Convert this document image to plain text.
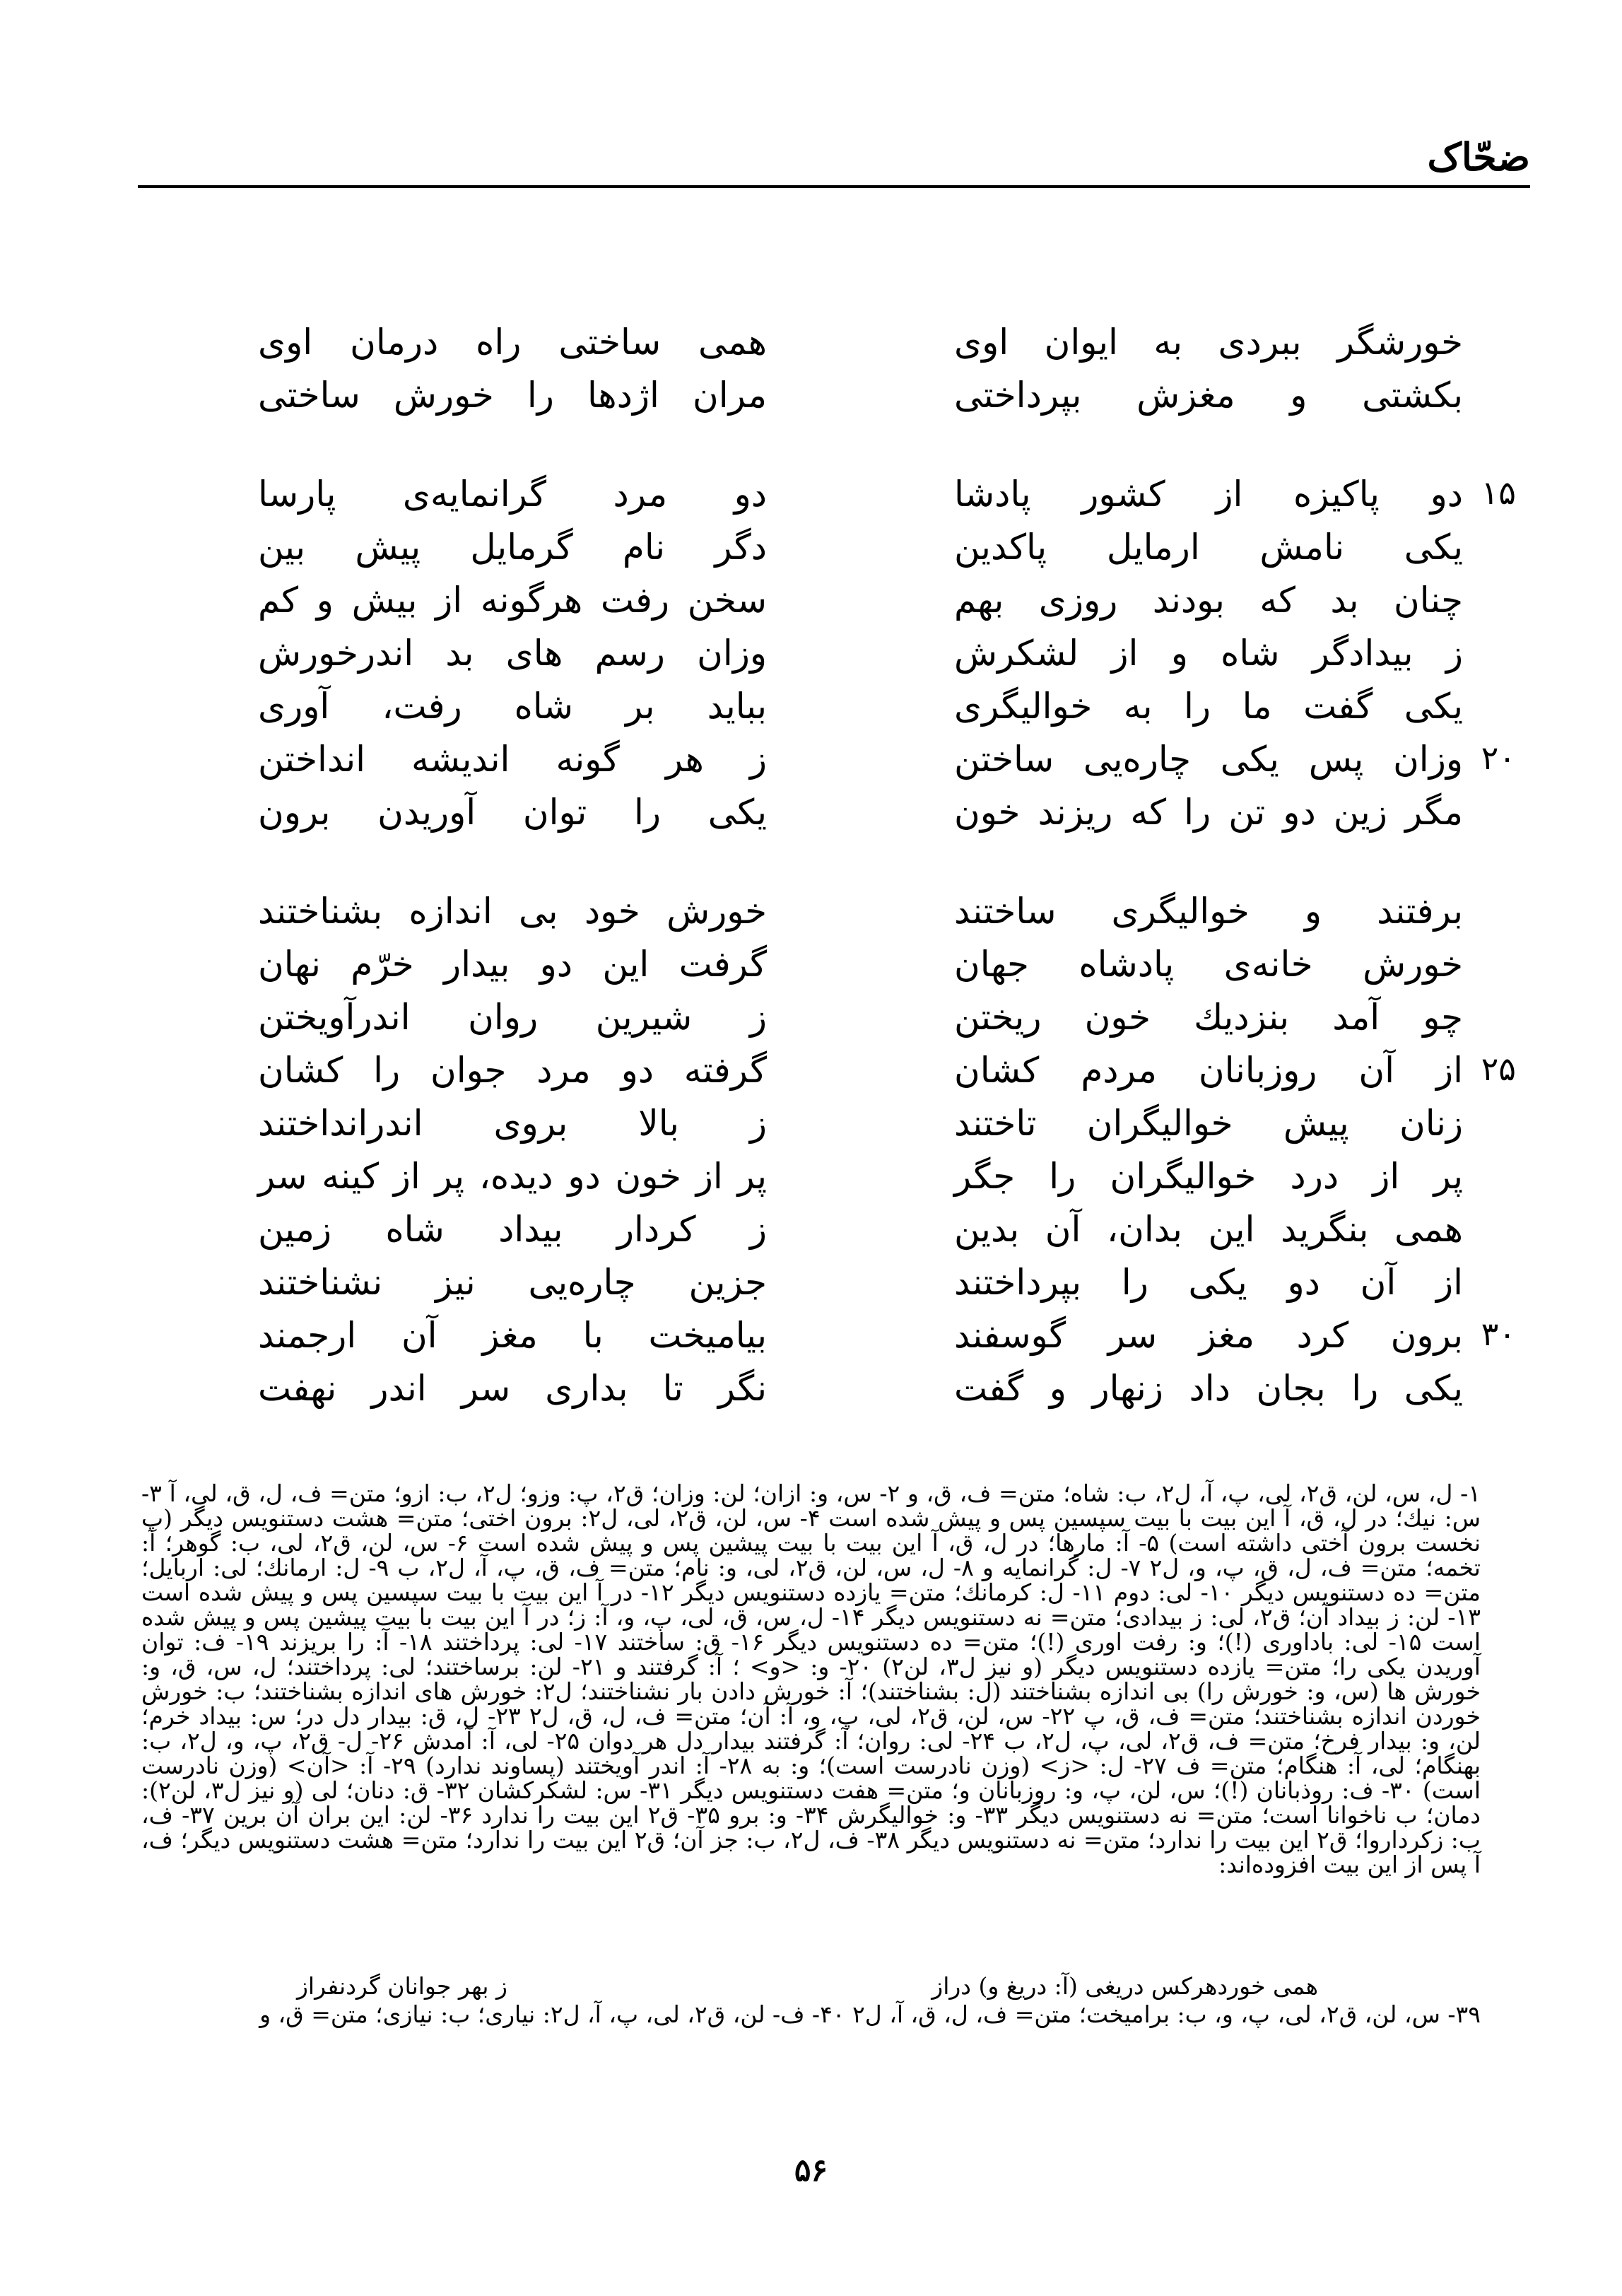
ضحّاک
خورشگر ببردی به ایوان اوی
همی ساختی راه درمان اوی
بکشتی و مغزش بپرداختی
مران اژدها را خورش ساختی
دو پاکیزه از کشور پادشا
دو مرد گرانمایه‌ی پارسا	۱۵
یکی نامش ارمایل پاکدین
دگر نام گرمایل پیش بین
چنان بد که بودند روزی بهم
سخن رفت هرگونه از بیش و کم
ز بیدادگر شاه و از لشکرش
وزان رسم های بد اندرخورش
یکی گفت ما را به خوالیگری
بباید بر شاه رفت، آوری
وزان پس یکی چاره‌یی ساختن
ز هر گونه اندیشه انداختن	۲۰
مگر زین دو تن را که ریزند خون
یکی را توان آوریدن برون
برفتند و خوالیگری ساختند
خورش خود بی اندازه بشناختند
خورش خانه‌ی پادشاه جهان
گرفت این دو بیدار خرّم نهان
چو آمد بنزدیك خون ریختن
ز شیرین روان اندرآویختن
از آن روزبانان مردم کشان
گرفته دو مرد جوان را کشان	۲۵
زنان پیش خوالیگران تاختند
ز بالا بروی اندرانداختند
پر از درد خوالیگران را جگر
پر از خون دو دیده، پر از کینه سر
همی بنگرید این بدان، آن بدین
ز کردار بیداد شاه زمین
از آن دو یکی را بپرداختند
جزین چاره‌یی نیز نشناختند
برون کرد مغز سر گوسفند
بیامیخت با مغز آن ارجمند	۳۰
یکی را بجان داد زنهار و گفت
نگر تا بداری سر اندر نهفت
۱- ل، س، لن، ق۲، لی، پ، آ، ل۲، ب: شاه؛ متن= ف، ق، و ۲- س، و: ازان؛ لن: وزان؛ ق۲، پ: وزو؛ ل۲، ب: ازو؛ متن= ف، ل، ق، لی، آ ۳- س: نیك؛ در ل، ق، آ این بیت با بیت سپسین پس و پیش شده است ۴- س، لن، ق۲، لی، ل۲: برون اختی؛ متن= هشت دستنویس دیگر (پ نخست برون آختی داشته است) ۵- آ: مارها؛ در ل، ق، آ این بیت با بیت پیشین پس و پیش شده است ۶- س، لن، ق۲، لی، ب: گوهر؛ آ: تخمه؛ متن= ف، ل، ق، پ، و، ل۲ ۷- ل: گرانمایه و ۸- ل، س، لن، ق۲، لی، و: نام؛ متن= ف، ق، پ، آ، ل۲، ب ۹- ل: ارمانك؛ لی: اربایل؛ متن= ده دستنویس دیگر ۱۰- لی: دوم ۱۱- ل: کرمانك؛ متن= یازده دستنویس دیگر ۱۲- در آ این بیت با بیت سپسین پس و پیش شده است ۱۳- لن: ز بیداد آن؛ ق۲، لی: ز بیدادی؛ متن= نه دستنویس دیگر ۱۴- ل، س، ق، لی، پ، و، آ: ز؛ در آ این بیت با بیت پیشین پس و پیش شده است ۱۵- لی: باداوری (!)؛ و: رفت اوری (!)؛ متن= ده دستنویس دیگر ۱۶- ق: ساختند ۱۷- لی: پرداختند ۱۸- آ: را بریزند ۱۹- ف: توان آوریدن یکی را؛ متن= یازده دستنویس دیگر (و نیز ل۳، لن۲) ۲۰- و: <و> ؛ آ: گرفتند و ۲۱- لن: برساختند؛ لی: پرداختند؛ ل، س، ق، و: خورش ها (س، و: خورش را) بی اندازه بشناختند (ل: بشناختند)؛ آ: خورش دادن بار نشناختند؛ ل۲: خورش های اندازه بشناختند؛ ب: خورش خوردن اندازه بشناختند؛ متن= ف، ق، پ ۲۲- س، لن، ق۲، لی، پ، و، آ: آن؛ متن= ف، ل، ق، ل۲ ۲۳- ل، ق: بیدار دل در؛ س: بیداد خرم؛ لن، و: بیدار فرخ؛ متن= ف، ق۲، لی، پ، ل۲، ب ۲۴- لی: روان؛ آ: گرفتند بیدار دل هر دوان ۲۵- لی، آ: آمدش ۲۶- ل- ق۲، پ، و، ل۲، ب: بهنگام؛ لی، آ: هنگام؛ متن= ف ۲۷- ل: <ز> (وزن نادرست است)؛ و: به ۲۸- آ: اندر آویختند (پساوند ندارد) ۲۹- آ: <آن> (وزن نادرست است) ۳۰- ف: روذبانان (!)؛ س، لن، پ، و: روزبانان و؛ متن= هفت دستنویس دیگر ۳۱- س: لشکرکشان ۳۲- ق: دنان؛ لی (و نیز ل۳، لن۲): دمان؛ ب ناخوانا است؛ متن= نه دستنویس دیگر ۳۳- و: خوالیگرش ۳۴- و: برو ۳۵- ق۲ این بیت را ندارد ۳۶- لن: این بران آن برین ۳۷- ف، ب: زکرداروا؛ ق۲ این بیت را ندارد؛ متن= نه دستنویس دیگر ۳۸- ف، ل۲، ب: جز آن؛ ق۲ این بیت را ندارد؛ متن= هشت دستنویس دیگر؛ ف، آ پس از این بیت افزوده‌اند:
همی خوردهرکس دریغی (آ: دریغ و) دراز
ز بهر جوانان گردنفراز
۳۹- س، لن، ق۲، لی، پ، و، ب: برامیخت؛ متن= ف، ل، ق، آ، ل۲ ۴۰- ف- لن، ق۲، لی، پ، آ، ل۲: نیاری؛ ب: نیازی؛ متن= ق، و
۵۶
